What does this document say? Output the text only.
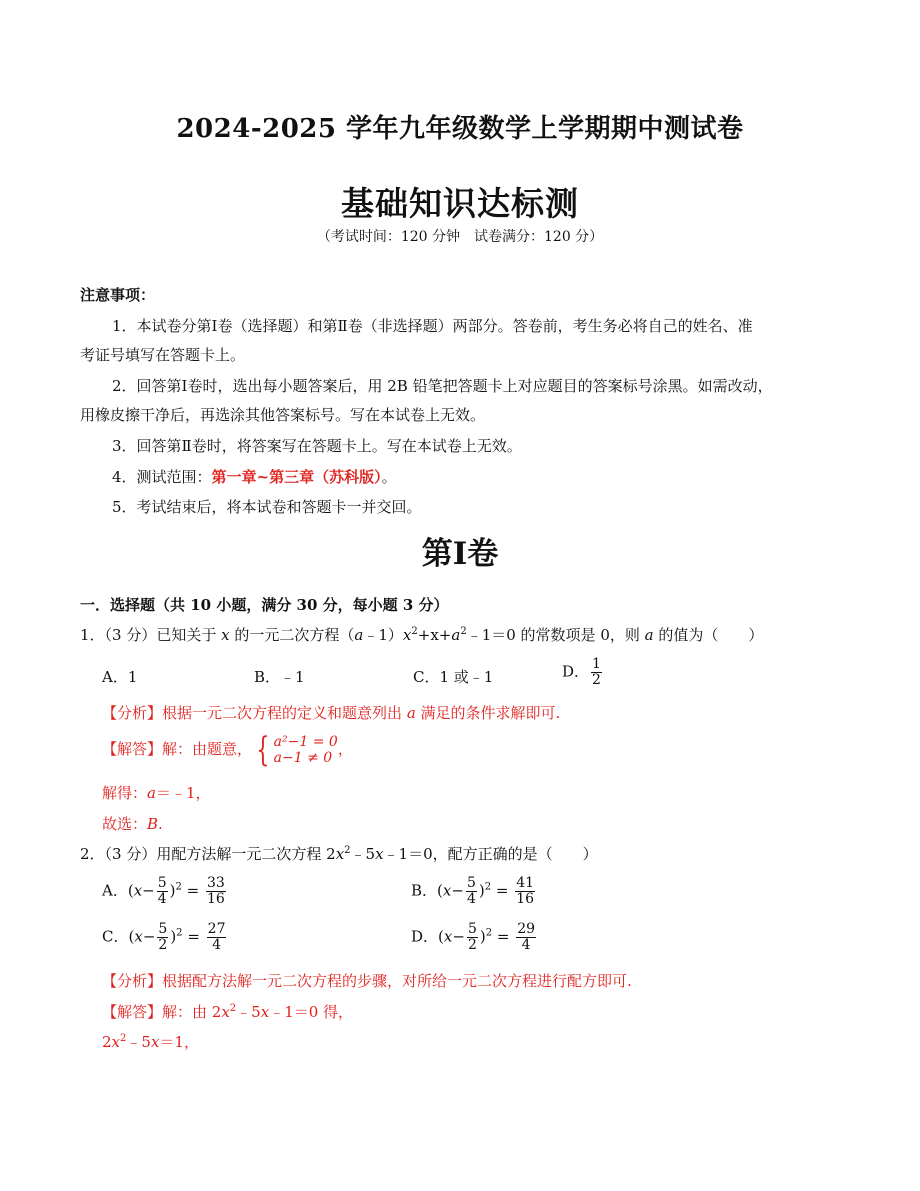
2024-2025 学年九年级数学上学期期中测试卷
基础知识达标测
（考试时间：120 分钟　试卷满分：120 分）
注意事项：
1．本试卷分第Ⅰ卷（选择题）和第Ⅱ卷（非选择题）两部分。答卷前，考生务必将自己的姓名、准
考证号填写在答题卡上。
2．回答第Ⅰ卷时，选出每小题答案后，用 2B 铅笔把答题卡上对应题目的答案标号涂黑。如需改动，
用橡皮擦干净后，再选涂其他答案标号。写在本试卷上无效。
3．回答第Ⅱ卷时，将答案写在答题卡上。写在本试卷上无效。
4．测试范围：第一章~第三章（苏科版）。
5．考试结束后，将本试卷和答题卡一并交回。
第Ⅰ卷
一．选择题（共 10 小题，满分 30 分，每小题 3 分）
1．（3 分）已知关于 x 的一元二次方程$(a﹣1)x^2+x+a^2﹣1=0$ 的常数项是 0，则 a 的值为（　　）
A．1	B．﹣1	C．1 或﹣1	D． $\frac{1}{2}$
【分析】根据一元二次方程的定义和题意列出 a 满足的条件求解即可.
【解答】解：由题意， { a²−1 = 0
a−1 ≠ 0 ，
解得：a＝﹣1，
故选：B.
2．（3 分）用配方法解一元二次方程 $2x^2﹣5x﹣1=0$，配方正确的是（　　）
A．$(x- \frac{5}{4} )^2 = \frac{33}{16}$	B．$(x- \frac{5}{4} )^2 = \frac{41}{16}$
C．$(x- \frac{5}{2} )^2 = \frac{27}{4}$	D．$(x- \frac{5}{2} )^2 = \frac{29}{4}$
【分析】根据配方法解一元二次方程的步骤，对所给一元二次方程进行配方即可.
【解答】解：由 $2x^2﹣5x﹣1=0$ 得，
$2x^2﹣5x=1$，
